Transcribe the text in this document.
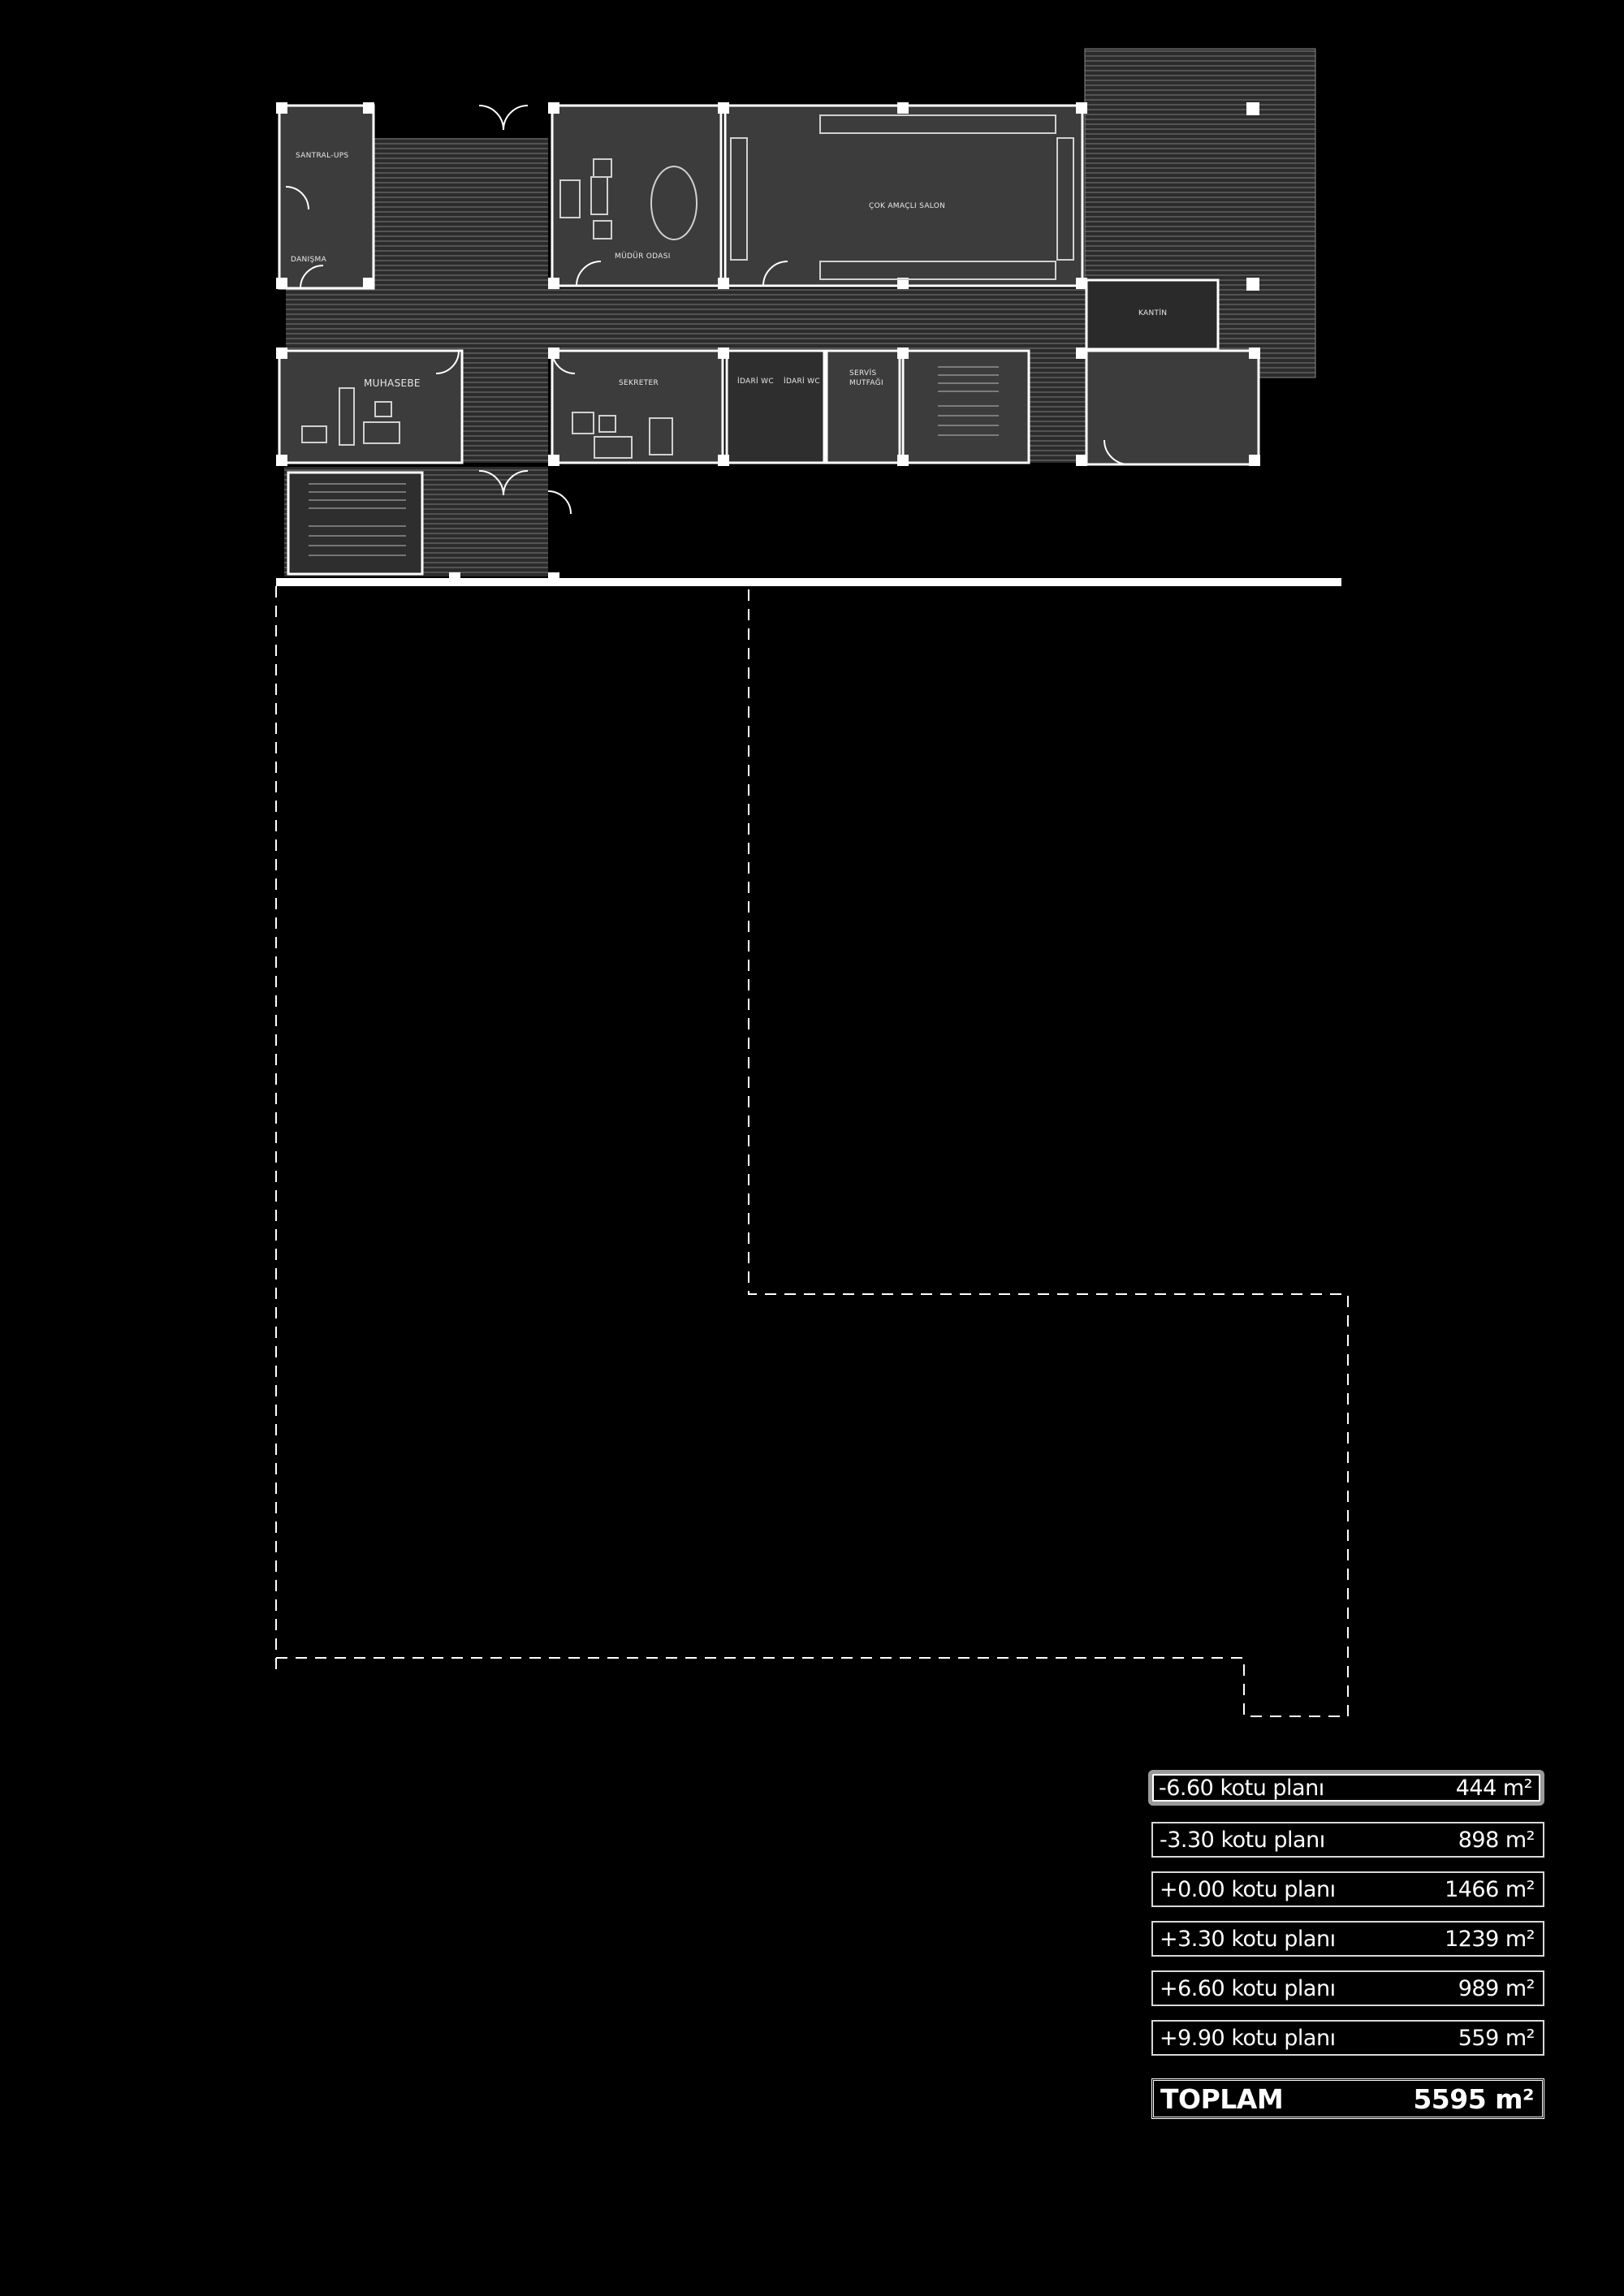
SANTRAL-UPS
DANIŞMA	MÜDÜR ODASI
ÇOK AMAÇLI SALON
KANTİN
MUHASEBE	SEKRETER	İDARİ WC İDARİ WC
SERVİS
MUTFAĞI
-6.60 kotu planı	444 m²
-3.30 kotu planı	898 m²
+0.00 kotu planı	1466 m²
+3.30 kotu planı	1239 m²
+6.60 kotu planı	989 m²
+9.90 kotu planı	559 m²
TOPLAM	5595 m²
